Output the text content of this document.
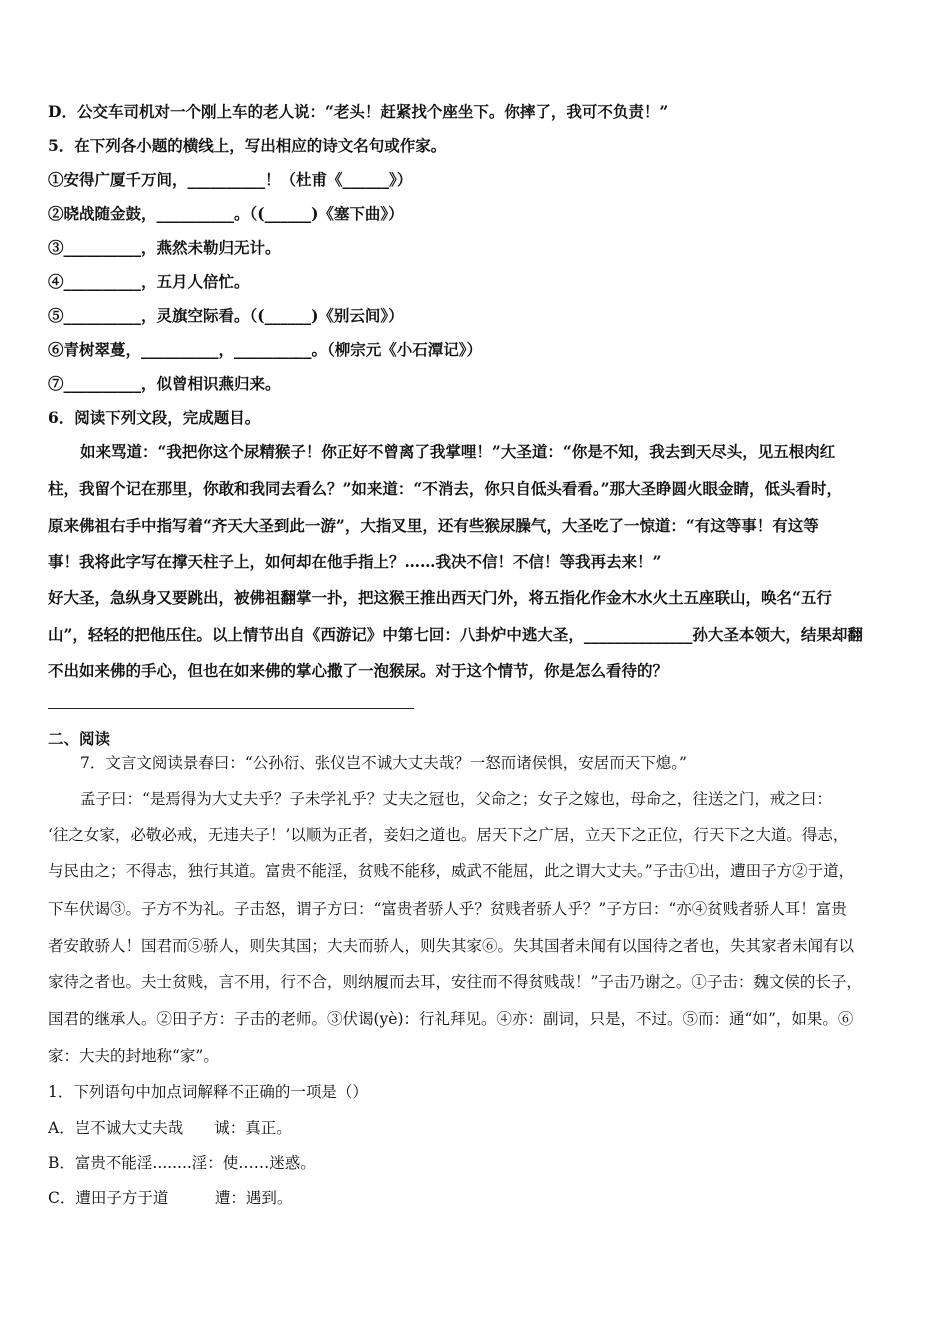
D．公交车司机对一个刚上车的老人说：“老头！赶紧找个座坐下。你摔了，我可不负责！”
5．在下列各小题的横线上，写出相应的诗文名句或作家。
①安得广厦千万间，__________！（杜甫《______》）
②晓战随金鼓，__________。（(______)《塞下曲》）
③__________，燕然未勒归无计。
④__________，五月人倍忙。
⑤__________，灵旗空际看。（(______)《别云间》）
⑥青树翠蔓，__________，__________。（柳宗元《小石潭记》）
⑦__________，似曾相识燕归来。
6．阅读下列文段，完成题目。
如来骂道：“我把你这个尿精猴子！你正好不曾离了我掌哩！”大圣道：“你是不知，我去到天尽头，见五根肉红
柱，我留个记在那里，你敢和我同去看么？”如来道：“不消去，你只自低头看看。”那大圣睁圆火眼金睛，低头看时，
原来佛祖右手中指写着“齐天大圣到此一游”，大指叉里，还有些猴尿臊气，大圣吃了一惊道：“有这等事！有这等
事！我将此字写在撑天柱子上，如何却在他手指上？……我决不信！不信！等我再去来！”
好大圣，急纵身又要跳出，被佛祖翻掌一扑，把这猴王推出西天门外，将五指化作金木水火土五座联山，唤名“五行
山”，轻轻的把他压住。以上情节出自《西游记》中第七回：八卦炉中逃大圣，______________孙大圣本领大，结果却翻
不出如来佛的手心，但也在如来佛的掌心撒了一泡猴尿。对于这个情节，你是怎么看待的？
二、阅读
7．文言文阅读景春曰：“公孙衍、张仪岂不诚大丈夫哉？一怒而诸侯惧，安居而天下熄。”
孟子曰：“是焉得为大丈夫乎？子未学礼乎？丈夫之冠也，父命之；女子之嫁也，母命之，往送之门，戒之曰：
‘往之女家，必敬必戒，无违夫子！’以顺为正者，妾妇之道也。居天下之广居，立天下之正位，行天下之大道。得志，
与民由之；不得志，独行其道。富贵不能淫，贫贱不能移，威武不能屈，此之谓大丈夫。”子击①出，遭田子方②于道，
下车伏谒③。子方不为礼。子击怒，谓子方曰：“富贵者骄人乎？贫贱者骄人乎？”子方曰：“亦④贫贱者骄人耳！富贵
者安敢骄人！国君而⑤骄人，则失其国；大夫而骄人，则失其家⑥。失其国者未闻有以国待之者也，失其家者未闻有以
家待之者也。夫士贫贱，言不用，行不合，则纳履而去耳，安往而不得贫贱哉！”子击乃谢之。①子击：魏文侯的长子，
国君的继承人。②田子方：子击的老师。③伏谒(yè)：行礼拜见。④亦：副词，只是，不过。⑤而：通“如”，如果。⑥
家：大夫的封地称“家”。
1．下列语句中加点词解释不正确的一项是（）
A．岂不诚大丈夫哉　　诚：真正。
B．富贵不能淫........淫：使……迷惑。
C．遭田子方于道　　　遭：遇到。
